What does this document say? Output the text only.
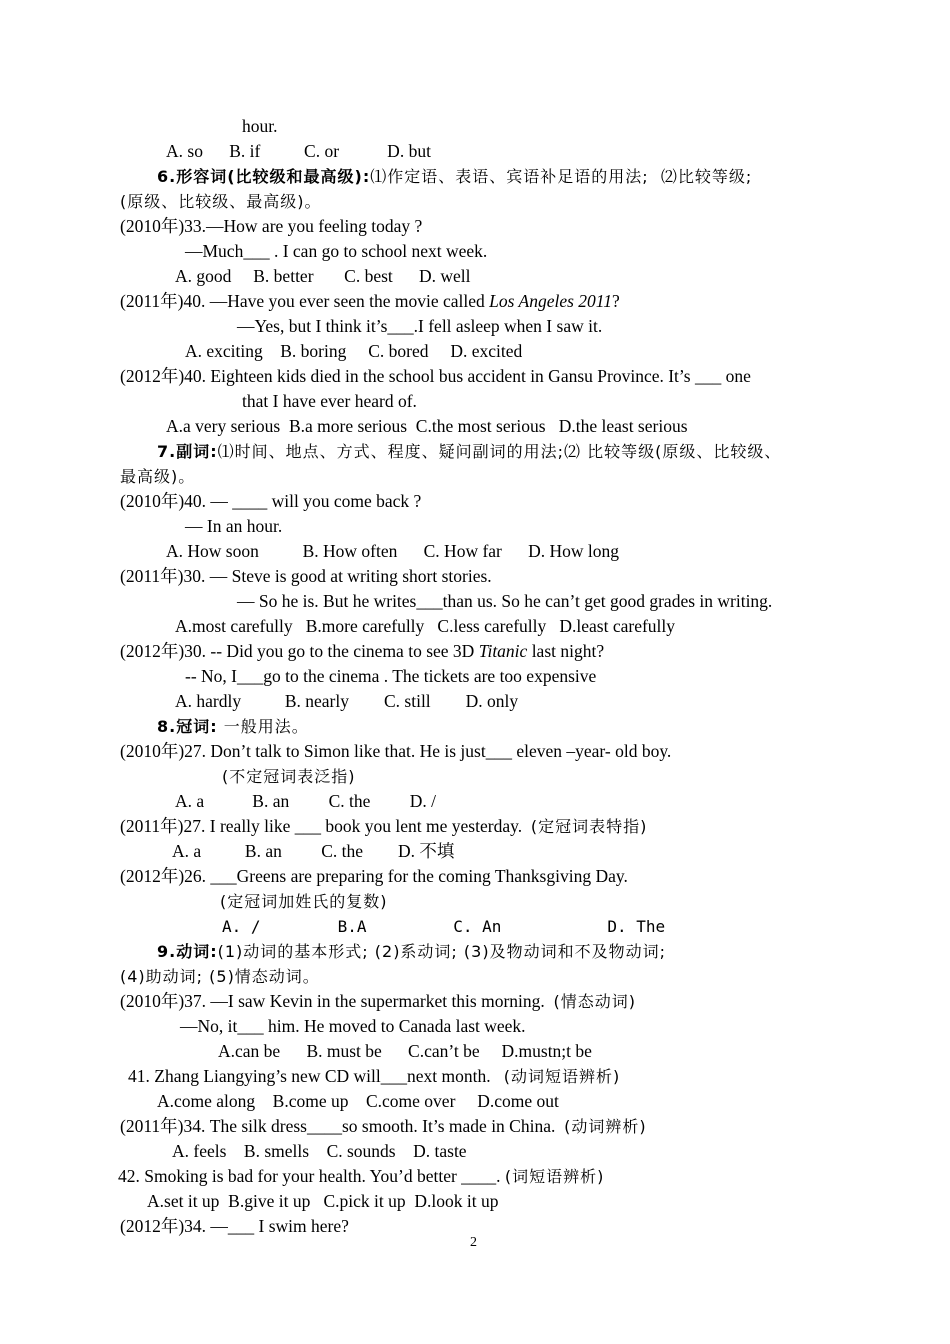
hour.
A. so      B. if          C. or           D. but
6.形容词(比较级和最高级):⑴作定语、表语、宾语补足语的用法;  ⑵比较等级;
(原级、比较级、最高级)。
(2010年)33.—How are you feeling today ?
—Much___ . I can go to school next week.
A. good     B. better       C. best      D. well
(2011年)40. —Have you ever seen the movie called Los Angeles 2011?
—Yes, but I think it’s___.I fell asleep when I saw it.
A. exciting    B. boring     C. bored     D. excited
(2012年)40. Eighteen kids died in the school bus accident in Gansu Province. It’s ___ one
that I have ever heard of.
A.a very serious  B.a more serious  C.the most serious   D.the least serious
7.副词:⑴时间、地点、方式、程度、疑问副词的用法;⑵ 比较等级(原级、比较级、
最高级)。
(2010年)40. — ____ will you come back ?
— In an hour.
A. How soon          B. How often      C. How far      D. How long
(2011年)30. — Steve is good at writing short stories.
— So he is. But he writes___than us. So he can’t get good grades in writing.
A.most carefully   B.more carefully   C.less carefully   D.least carefully
(2012年)30. -- Did you go to the cinema to see 3D Titanic last night?
-- No, I___go to the cinema . The tickets are too expensive
A. hardly          B. nearly        C. still        D. only
8.冠词: 一般用法。
(2010年)27. Don’t talk to Simon like that. He is just___ eleven –year- old boy.
(不定冠词表泛指)
A. a           B. an         C. the         D. /
(2011年)27. I really like ___ book you lent me yesterday.  (定冠词表特指)
A. a          B. an         C. the        D. 不填
(2012年)26. ___Greens are preparing for the coming Thanksgiving Day.
(定冠词加姓氏的复数)
A. /        B.A         C. An           D. The
9.动词:(1)动词的基本形式; (2)系动词; (3)及物动词和不及物动词;
(4)助动词; (5)情态动词。
(2010年)37. —I saw Kevin in the supermarket this morning.  (情态动词)
—No, it___ him. He moved to Canada last week.
A.can be      B. must be      C.can’t be     D.mustn;t be
41. Zhang Liangying’s new CD will___next month.   (动词短语辨析)
A.come along    B.come up    C.come over     D.come out
(2011年)34. The silk dress____so smooth. It’s made in China.  (动词辨析)
A. feels    B. smells    C. sounds    D. taste
42. Smoking is bad for your health. You’d better ____. (词短语辨析)
A.set it up  B.give it up   C.pick it up  D.look it up
(2012年)34. —___ I swim here?
2
